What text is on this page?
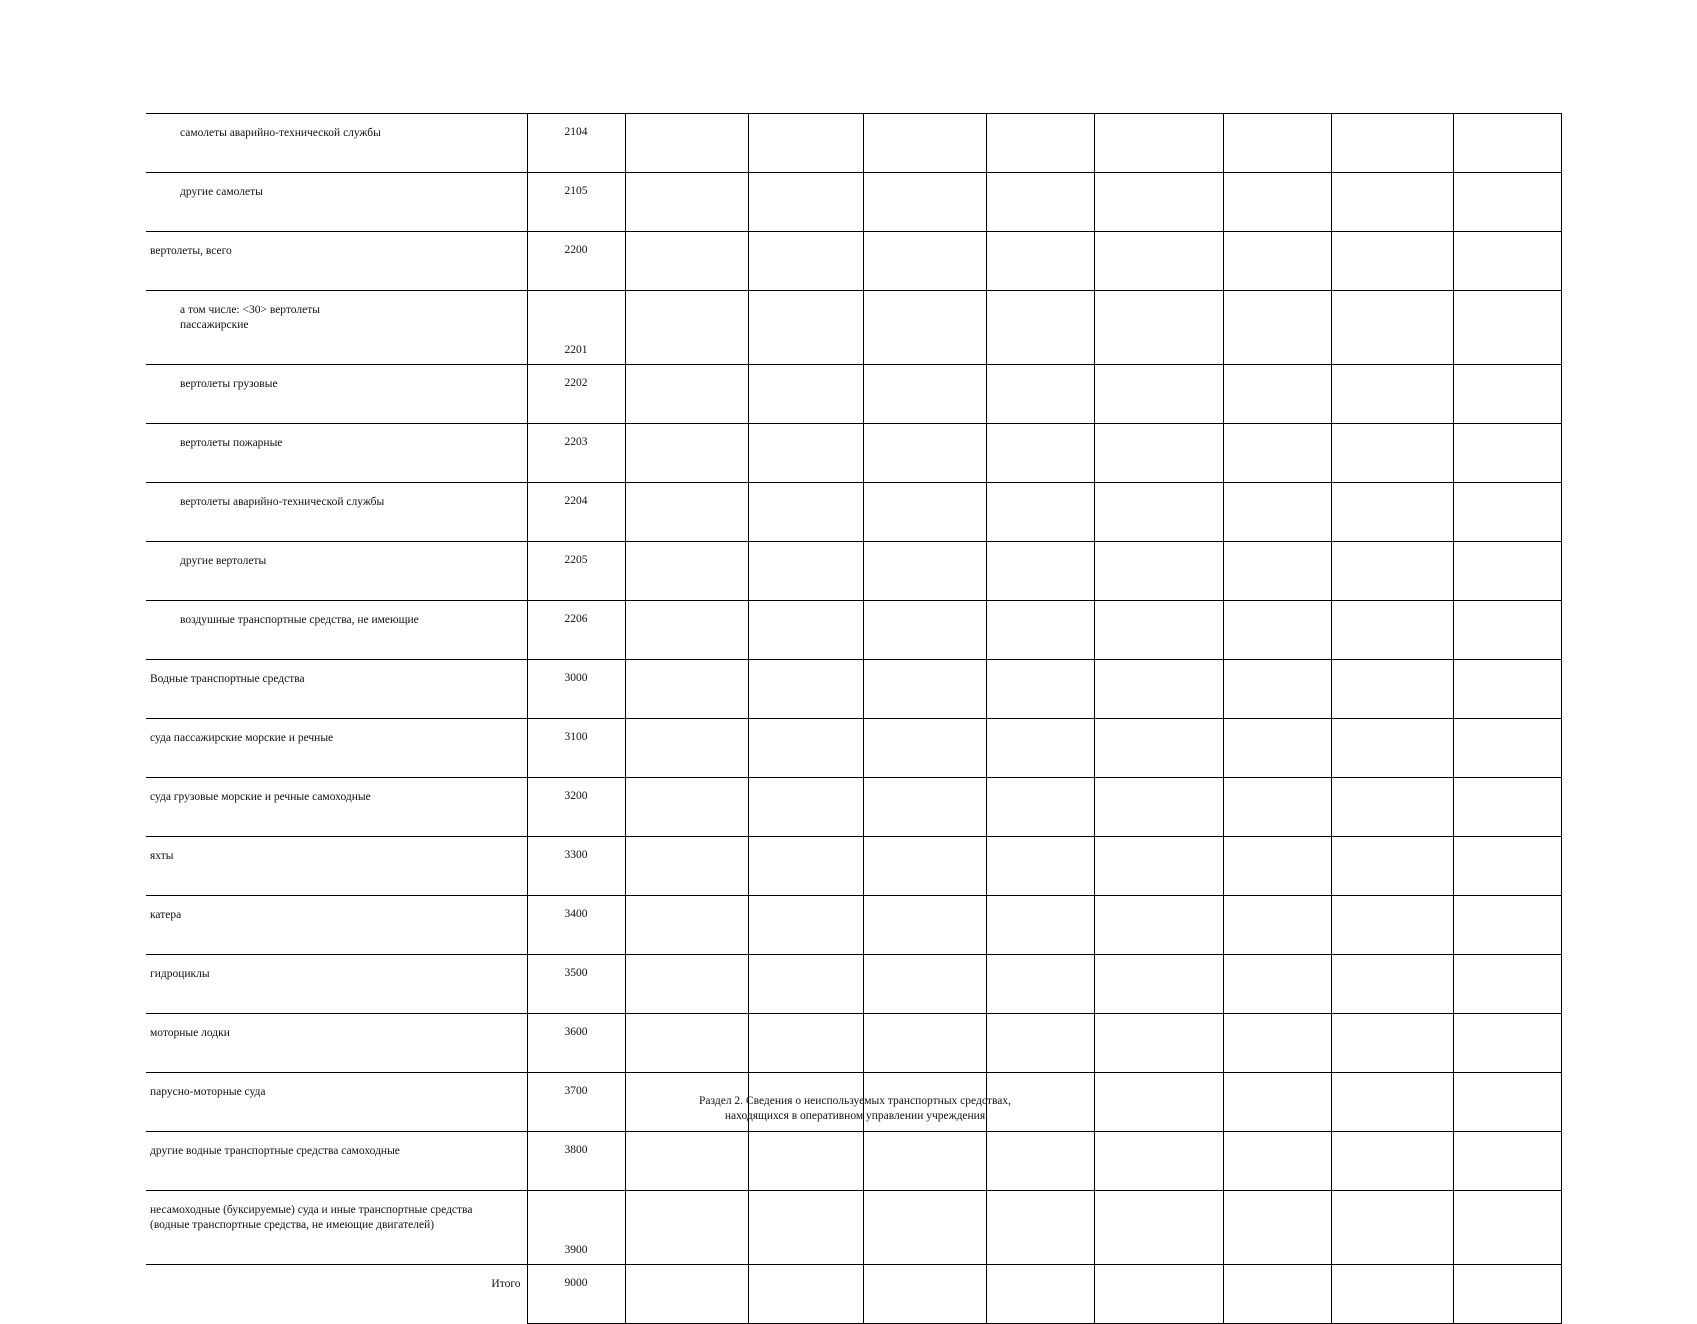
самолеты аварийно-технической службы	2104									
другие самолеты	2105									
вертолеты, всего	2200									
а том числе: <30> вертолеты
пассажирские	2201									
вертолеты грузовые	2202									
вертолеты пожарные	2203									
вертолеты аварийно-технической службы	2204									
другие вертолеты	2205									
воздушные транспортные средства, не имеющие	2206									
Водные транспортные средства	3000									
суда пассажирские морские и речные	3100									
суда грузовые морские и речные самоходные	3200									
яхты	3300									
катера	3400									
гидроциклы	3500									
моторные лодки	3600									
парусно-моторные суда	3700									
другие водные транспортные средства самоходные	3800									
несамоходные (буксируемые) суда и иные транспортные средства
(водные транспортные средства, не имеющие двигателей)	3900									
Итого	9000									
Раздел 2. Сведения о неиспользуемых транспортных средствах, находящихся в оперативном управлении учреждения
